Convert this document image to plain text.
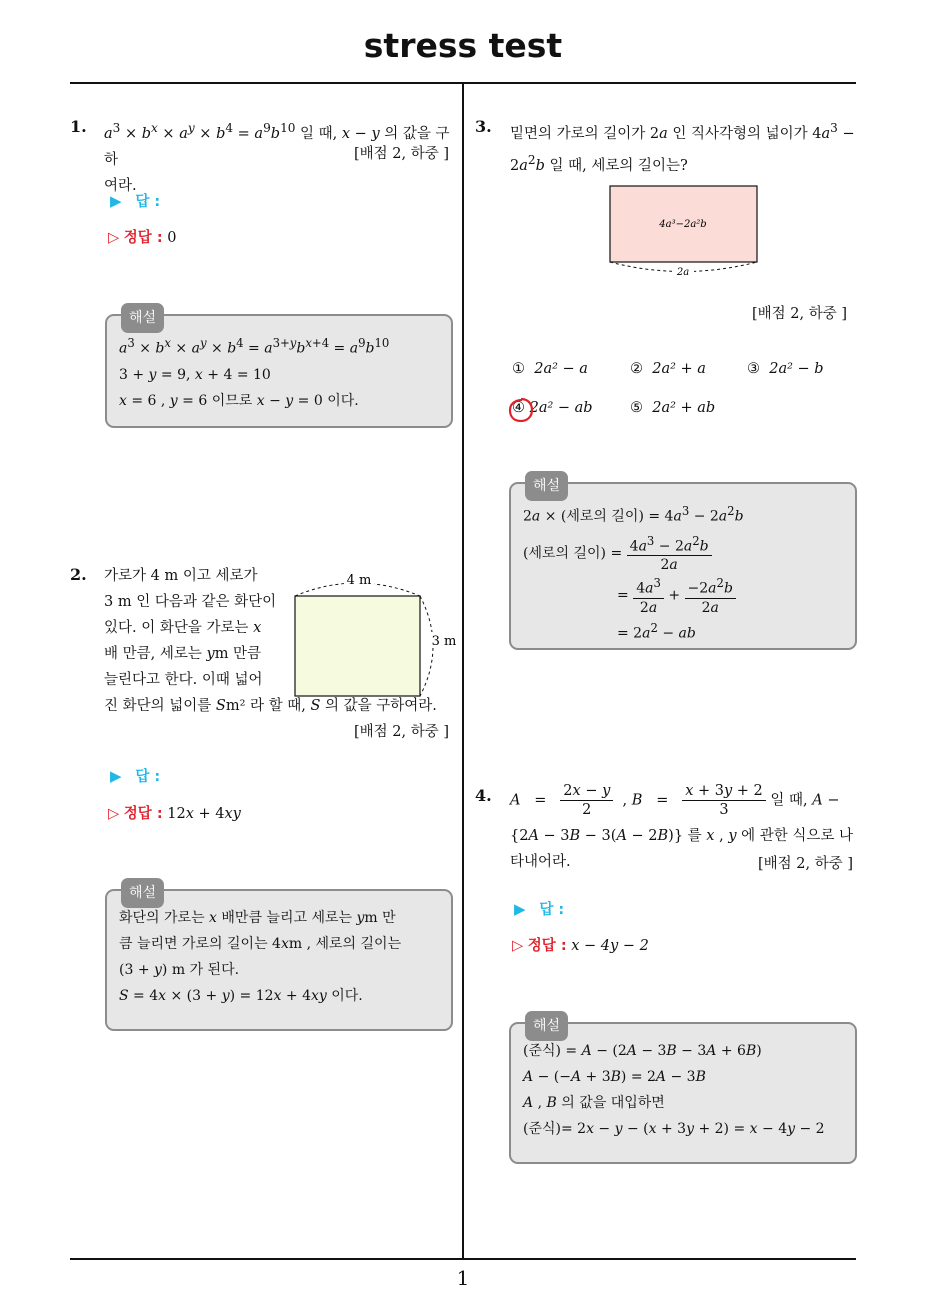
stress test
1
1. $a^3 \times b^x \times a^y \times b^4 = a^9b^{10}$ 일 때, x − y 의 값을 구하
여라.
[배점 2, 하중 ]
▶ 답 :
▷ 정답 : 0
해설
$a^3 \times b^x \times a^y \times b^4 = a^{3+y}b^{x+4} = a^9b^{10}$
3 + y = 9, x + 4 = 10
x = 6 , y = 6 이므로 x − y = 0 이다.
2. 가로가 4 m 이고 세로가
3 m 인 다음과 같은 화단이
있다. 이 화단을 가로는 x
배 만큼, 세로는 ym 만큼
늘린다고 한다. 이때 넓어
진 화단의 넓이를 Sm² 라 할 때, S 의 값을 구하여라.
[배점 2, 하중 ]
4 m
3 m
▶ 답 :
▷ 정답 : 12x + 4xy
해설
화단의 가로는 x 배만큼 늘리고 세로는 ym 만
큼 늘리면 가로의 길이는 4xm , 세로의 길이는
(3 + y) m 가 된다.
S = 4x × (3 + y) = 12x + 4xy 이다.
3. 밑면의 가로의 길이가 2a 인 직사각형의 넓이가 $4a^3$ −
$2a^2b$ 일 때, 세로의 길이는?
4a³−2a²b
2a
[배점 2, 하중 ]
① 2a² − a	② 2a² + a	③ 2a² − b
④ 2a² − ab	⑤ 2a² + ab
해설
2a × (세로의 길이) = $4a^3 - 2a^2b$
(세로의 길이) = $\frac{4a^3 - 2a^2b}{2a}$
= $\frac{4a^3}{2a} + \frac{-2a^2b}{2a}$
= $2a^2$ − ab
4. $A = \frac{2x - y}{2}$ , $B = \frac{x + 3y + 2}{3}$ 일 때, A −
{2A − 3B − 3(A − 2B)} 를 x , y 에 관한 식으로 나
타내어라.	[배점 2, 하중 ]
▶ 답 :
▷ 정답 : x − 4y − 2
해설
(준식) = A − (2A − 3B − 3A + 6B)
A − (−A + 3B) = 2A − 3B
A , B 의 값을 대입하면
(준식)= 2x − y − (x + 3y + 2) = x − 4y − 2
